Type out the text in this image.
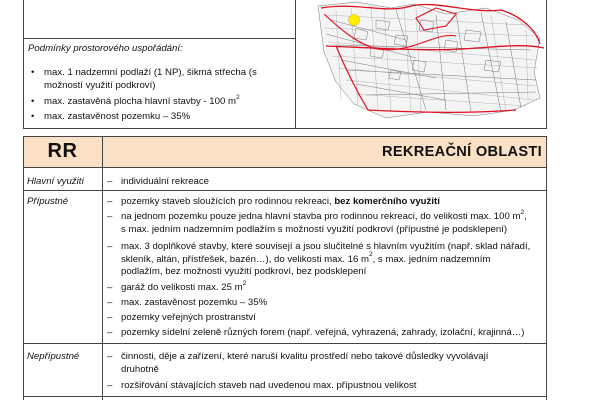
Podmínky prostorového uspořádání:
• max. 1 nadzemní podlaží (1 NP), šikmá střecha (s
možností využití podkroví)
• max. zastavěná plocha hlavní stavby - 100 $m^2$
• max. zastavěnost pozemku – 35%
RR	REKREAČNÍ OBLASTI
Hlavní využití – individuální rekreace
Přípustné	– pozemky staveb sloužících pro rodinnou rekreaci, bez komerčního využití
– na jednom pozemku pouze jedna hlavní stavba pro rodinnou rekreaci, do velikosti max. 100 $m^2$,
s max. jedním nadzemním podlažím s možností využití podkroví (přípustné je podsklepení)
– max. 3 doplňkové stavby, které souvisejí a jsou slučitelné s hlavním využitím (např. sklad nářadí,
skleník, altán, přístřešek, bazén…), do velikosti max. 16 $m^2$, s max. jedním nadzemním
podlažím, bez možnosti využití podkroví, bez podsklepení
– garáž do velikosti max. 25 $m^2$
– max. zastavěnost pozemku – 35%
– pozemky veřejných prostranství
– pozemky sídelní zeleně různých forem (např. veřejná, vyhrazená, zahrady, izolační, krajinná…)
Nepřípustné	– činnosti, děje a zařízení, které naruší kvalitu prostředí nebo takové důsledky vyvolávají
druhotně
– rozšiřování stávajících staveb nad uvedenou max. přípustnou velikost
